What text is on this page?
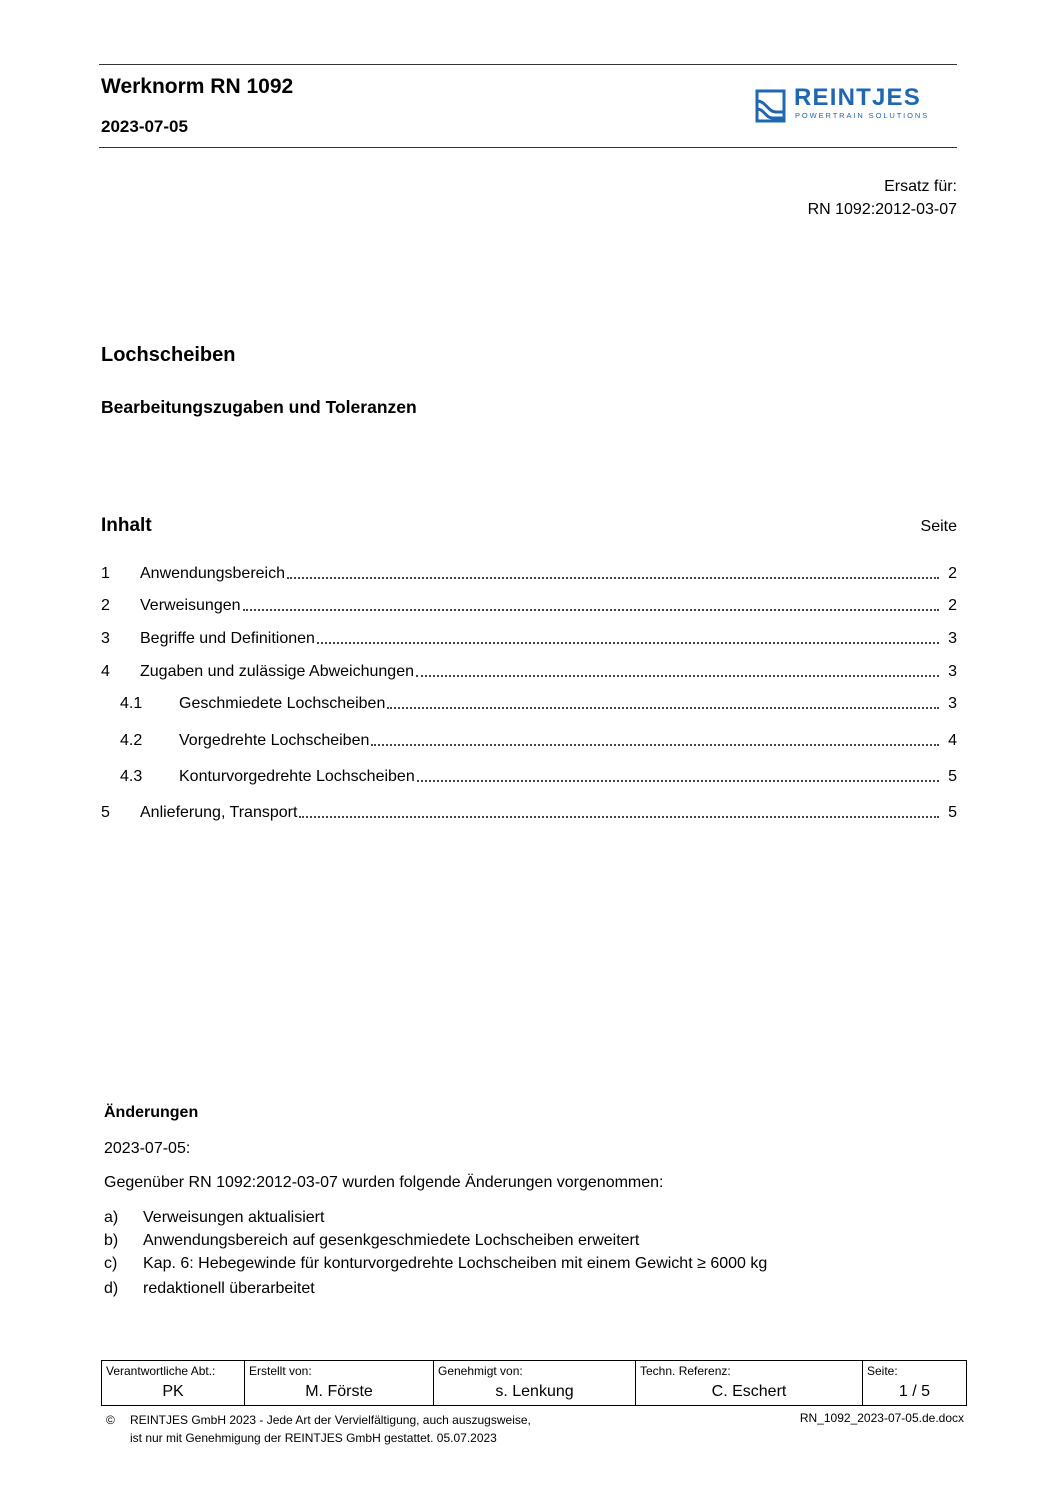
Werknorm RN 1092
2023-07-05
REINTJES
POWERTRAIN SOLUTIONS
Ersatz für:
RN 1092:2012-03-07
Lochscheiben
Bearbeitungszugaben und Toleranzen
Inhalt	Seite
1 Anwendungsbereich	2
2 Verweisungen	2
3 Begriffe und Definitionen	3
4 Zugaben und zulässige Abweichungen	3
4.1 Geschmiedete Lochscheiben	3
4.2 Vorgedrehte Lochscheiben	4
4.3 Konturvorgedrehte Lochscheiben	5
5 Anlieferung, Transport	5
Änderungen
2023-07-05:
Gegenüber RN 1092:2012-03-07 wurden folgende Änderungen vorgenommen:
a) Verweisungen aktualisiert
b) Anwendungsbereich auf gesenkgeschmiedete Lochscheiben erweitert
c) Kap. 6: Hebegewinde für konturvorgedrehte Lochscheiben mit einem Gewicht ≥ 6000 kg
d) redaktionell überarbeitet
Verantwortliche Abt.:
PK
Erstellt von:
M. Förste
Genehmigt von:
s. Lenkung
Techn. Referenz:
C. Eschert
Seite:
1 / 5
© REINTJES GmbH 2023 - Jede Art der Vervielfältigung, auch auszugsweise,
ist nur mit Genehmigung der REINTJES GmbH gestattet. 05.07.2023
RN_1092_2023-07-05.de.docx
